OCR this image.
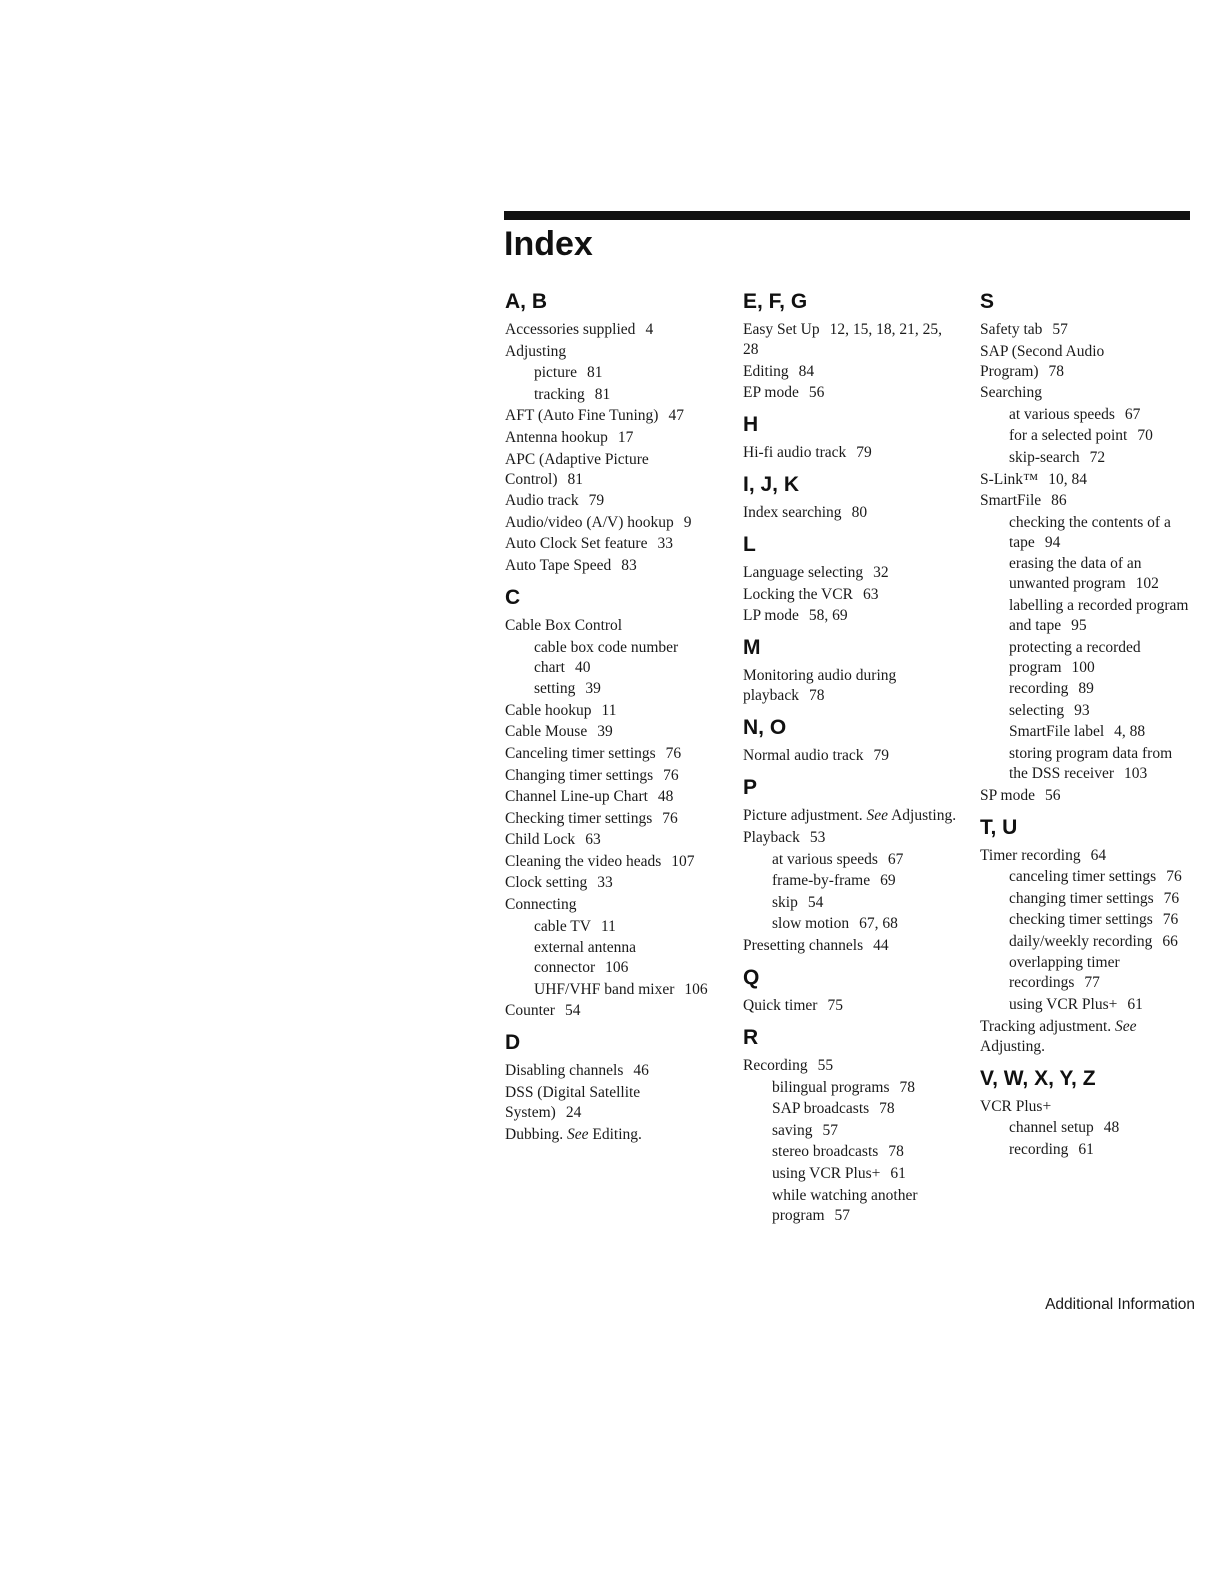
Index
A, B
Accessories supplied 4
Adjusting
picture 81
tracking 81
AFT (Auto Fine Tuning) 47
Antenna hookup 17
APC (Adaptive Picture Control) 81
Audio track 79
Audio/video (A/V) hookup 9
Auto Clock Set feature 33
Auto Tape Speed 83
C
Cable Box Control
cable box code number chart 40
setting 39
Cable hookup 11
Cable Mouse 39
Canceling timer settings 76
Changing timer settings 76
Channel Line-up Chart 48
Checking timer settings 76
Child Lock 63
Cleaning the video heads 107
Clock setting 33
Connecting
cable TV 11
external antenna connector 106
UHF/VHF band mixer 106
Counter 54
D
Disabling channels 46
DSS (Digital Satellite System) 24
Dubbing. See Editing.
E, F, G
Easy Set Up 12, 15, 18, 21, 25, 28
Editing 84
EP mode 56
H
Hi-fi audio track 79
I, J, K
Index searching 80
L
Language selecting 32
Locking the VCR 63
LP mode 58, 69
M
Monitoring audio during playback 78
N, O
Normal audio track 79
P
Picture adjustment. See Adjusting.
Playback 53
at various speeds 67
frame-by-frame 69
skip 54
slow motion 67, 68
Presetting channels 44
Q
Quick timer 75
R
Recording 55
bilingual programs 78
SAP broadcasts 78
saving 57
stereo broadcasts 78
using VCR Plus+ 61
while watching another program 57
S
Safety tab 57
SAP (Second Audio Program) 78
Searching
at various speeds 67
for a selected point 70
skip-search 72
S-Link™ 10, 84
SmartFile 86
checking the contents of a tape 94
erasing the data of an unwanted program 102
labelling a recorded program and tape 95
protecting a recorded program 100
recording 89
selecting 93
SmartFile label 4, 88
storing program data from the DSS receiver 103
SP mode 56
T, U
Timer recording 64
canceling timer settings 76
changing timer settings 76
checking timer settings 76
daily/weekly recording 66
overlapping timer recordings 77
using VCR Plus+ 61
Tracking adjustment. See Adjusting.
V, W, X, Y, Z
VCR Plus+
channel setup 48
recording 61
Additional Information
